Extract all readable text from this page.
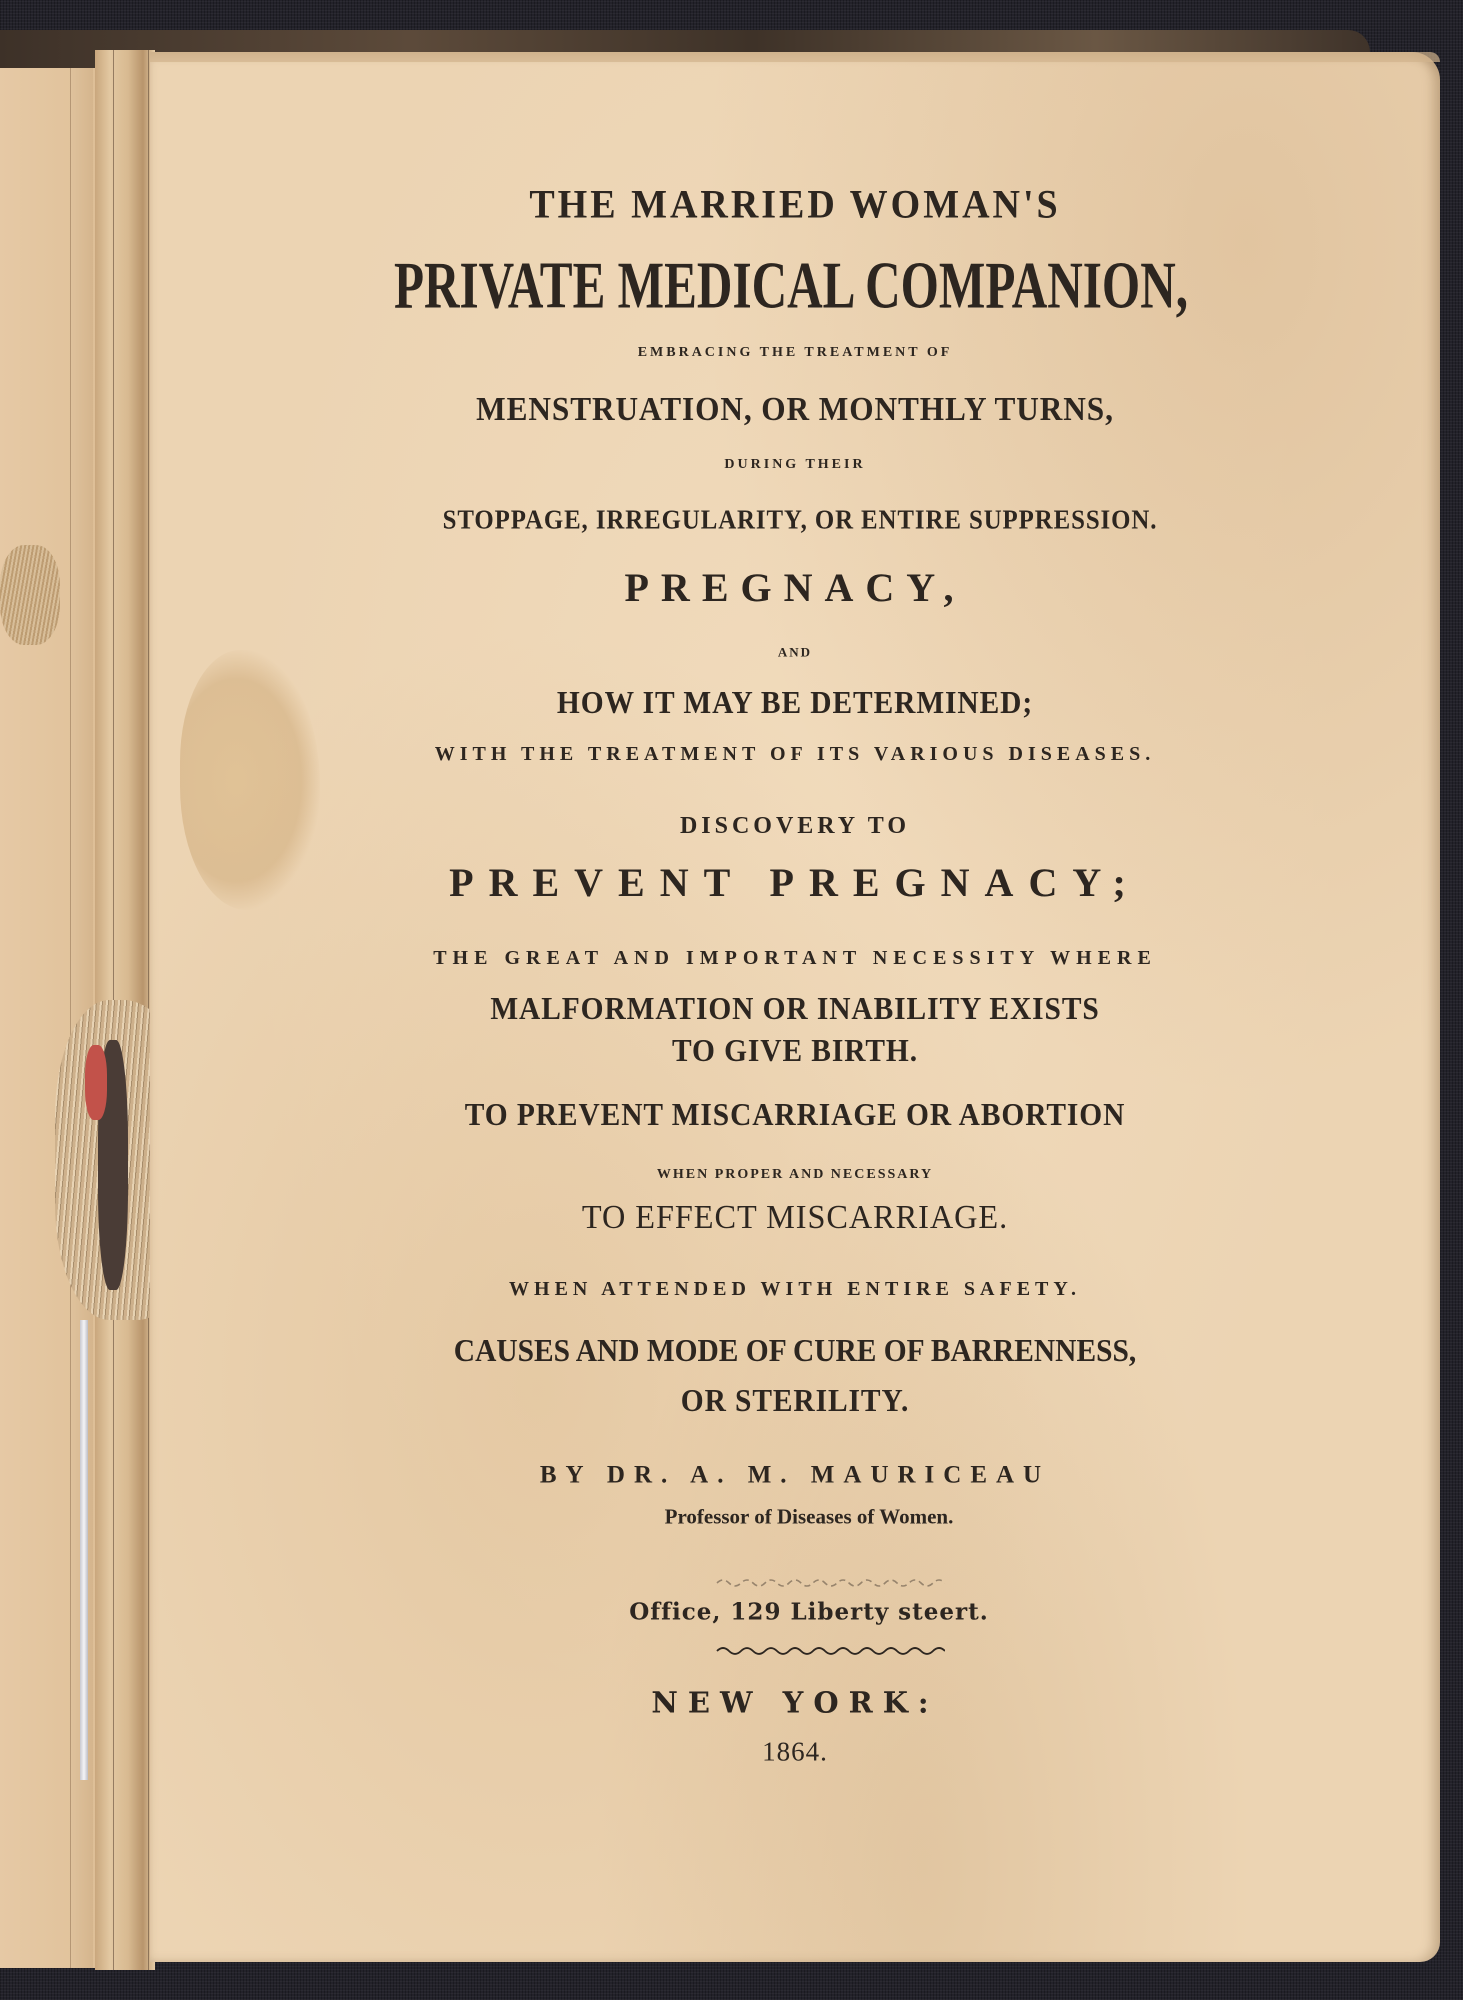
THE MARRIED WOMAN'S
PRIVATE MEDICAL COMPANION,
EMBRACING THE TREATMENT OF
MENSTRUATION, OR MONTHLY TURNS,
DURING THEIR
STOPPAGE, IRREGULARITY, OR ENTIRE SUPPRESSION.
PREGNACY,
AND
HOW IT MAY BE DETERMINED;
WITH THE TREATMENT OF ITS VARIOUS DISEASES.
DISCOVERY TO
PREVENT PREGNACY;
THE GREAT AND IMPORTANT NECESSITY WHERE
MALFORMATION OR INABILITY EXISTS
TO GIVE BIRTH.
TO PREVENT MISCARRIAGE OR ABORTION
WHEN PROPER AND NECESSARY
TO EFFECT MISCARRIAGE.
WHEN ATTENDED WITH ENTIRE SAFETY.
CAUSES AND MODE OF CURE OF BARRENNESS,
OR STERILITY.
BY DR. A. M. MAURICEAU
Professor of Diseases of Women.
Office, 129 Liberty steert.
NEW YORK:
1864.
